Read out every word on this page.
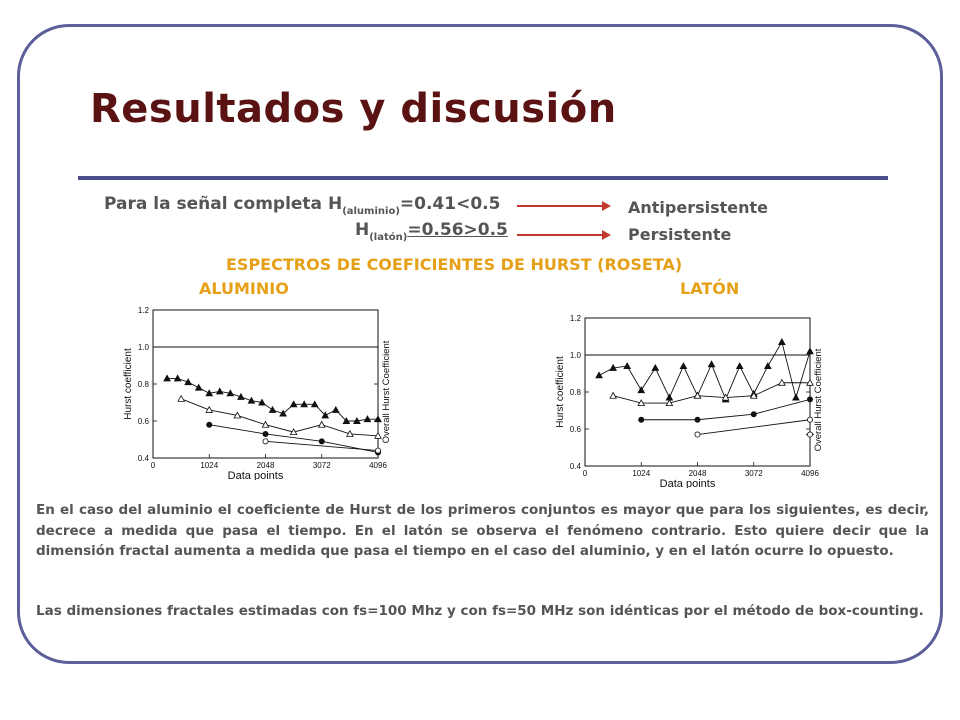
Resultados y discusión
Para la señal completa $H_{(aluminio)}=0.41<0.5$
$H_{(latón)}=0.56>0.5$
Antipersistente
Persistente
ESPECTROS DE COEFICIENTES DE HURST (ROSETA)
ALUMINIO	LATÓN
0.4
0.6
0.8
1.0
1.2
0	1024	2048	3072	4096
Data points
Hurst coefficient	Overall Hurst Coefficient
0.4
0.6
0.8
1.0
1.2
0	1024	2048	3072	4096
Data points
Hurst coefficient	Overall Hurst Coefficient
En el caso del aluminio el coeficiente de Hurst de los primeros conjuntos es mayor que para los siguientes, es decir, decrece a medida que pasa el tiempo. En el latón se observa el fenómeno contrario. Esto quiere decir que la dimensión fractal aumenta a medida que pasa el tiempo en el caso del aluminio, y en el latón ocurre lo opuesto.
Las dimensiones fractales estimadas con fs=100 Mhz y con fs=50 MHz son idénticas por el método de box-counting.
